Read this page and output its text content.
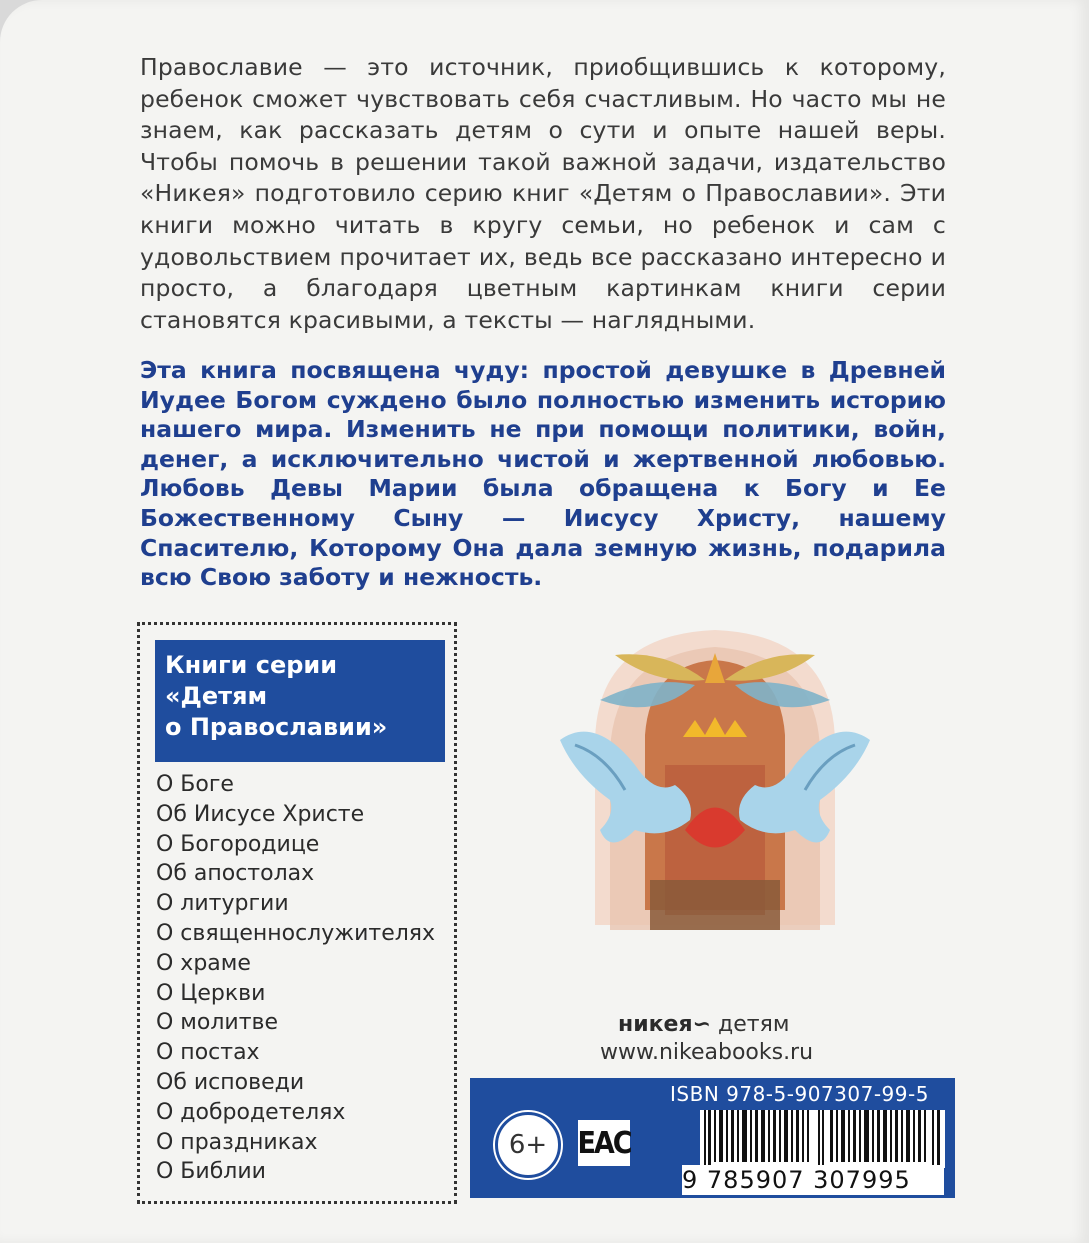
Православие — это источник, приобщившись к которому, ребенок сможет чувствовать себя счастливым. Но часто мы не знаем, как рассказать детям о сути и опыте нашей веры. Чтобы помочь в решении такой важной задачи, издательство «Никея» подготовило серию книг «Детям о Православии». Эти книги можно читать в кругу семьи, но ребенок и сам с удовольствием прочитает их, ведь все рассказано интересно и просто, а благодаря цветным картинкам книги серии становятся красивыми, а тексты — наглядными.

Эта книга посвящена чуду: простой девушке в Древней Иудее Богом суждено было полностью изменить историю нашего мира. Изменить не при помощи политики, войн, денег, а исключительно чистой и жертвенной любовью. Любовь Девы Марии была обращена к Богу и Ее Божественному Сыну — Иисусу Христу, нашему Спасителю, Которому Она дала земную жизнь, подарила всю Свою заботу и нежность.

Книги серии
«Детям
о Православии»
О Боге
Об Иисусе Христе
О Богородице
Об апостолах
О литургии
О священнослужителях
О храме
О Церкви
О молитве
О постах
Об исповеди
О добродетелях
О праздниках
О Библии
никея∽ детям
www.nikeabooks.ru
6+	EAC
ISBN 978-5-907307-99-5
9 785907 307995
